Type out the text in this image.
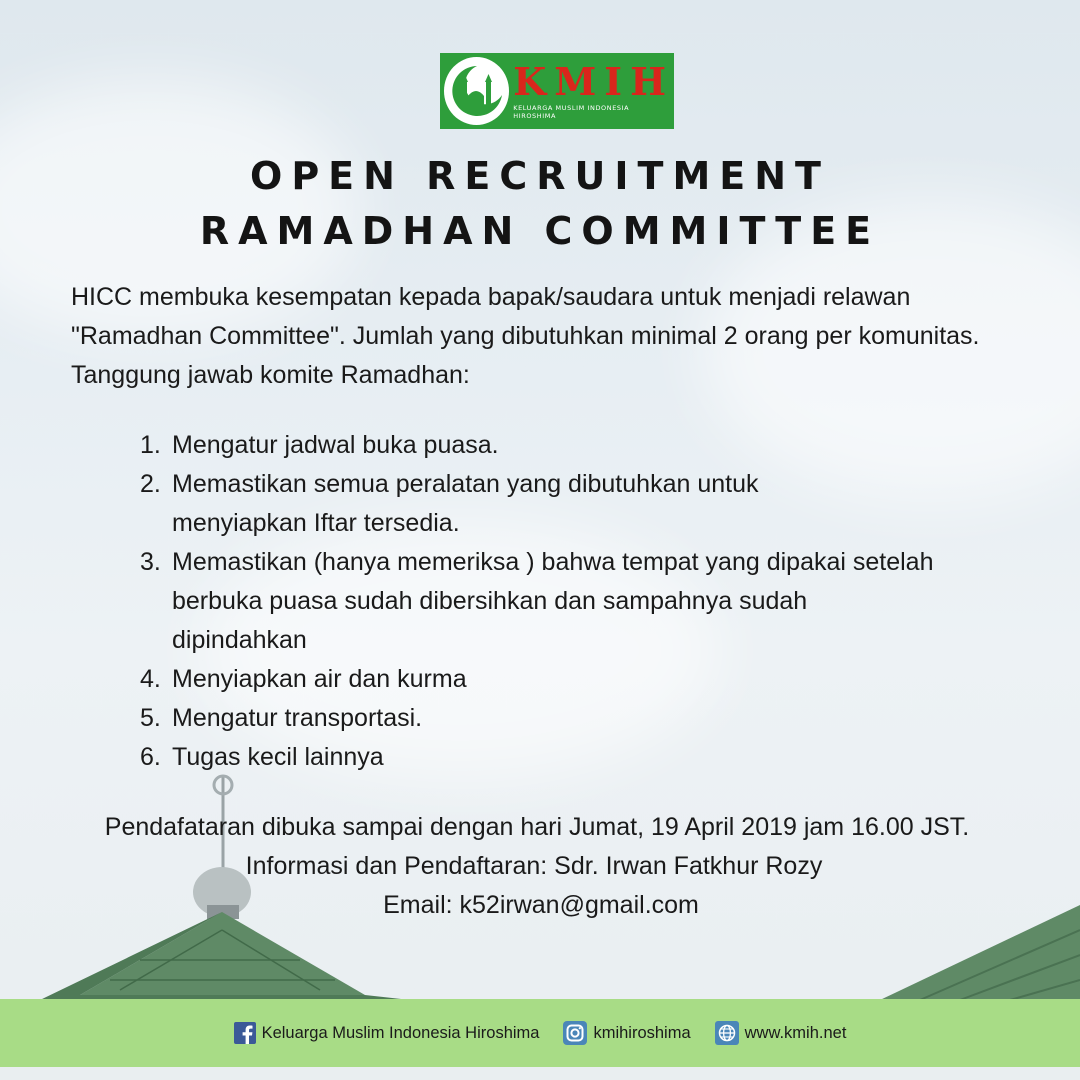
KMIH
KELUARGA MUSLIM INDONESIA HIROSHIMA
OPEN RECRUITMENT
RAMADHAN COMMITTEE
HICC membuka kesempatan kepada bapak/saudara untuk menjadi relawan "Ramadhan Committee". Jumlah yang dibutuhkan minimal 2 orang per komunitas. Tanggung jawab komite Ramadhan:
1. Mengatur jadwal buka puasa.
2. Memastikan semua peralatan yang dibutuhkan untuk menyiapkan Iftar tersedia.
3. Memastikan (hanya memeriksa ) bahwa tempat yang dipakai setelah berbuka puasa sudah dibersihkan dan sampahnya sudah dipindahkan
4. Menyiapkan air dan kurma
5. Mengatur transportasi.
6. Tugas kecil lainnya
Pendafataran dibuka sampai dengan hari Jumat, 19 April 2019 jam 16.00 JST.
Informasi dan Pendaftaran: Sdr. Irwan Fatkhur Rozy
Email: k52irwan@gmail.com
Keluarga Muslim Indonesia Hiroshima	kmihiroshima	www.kmih.net
